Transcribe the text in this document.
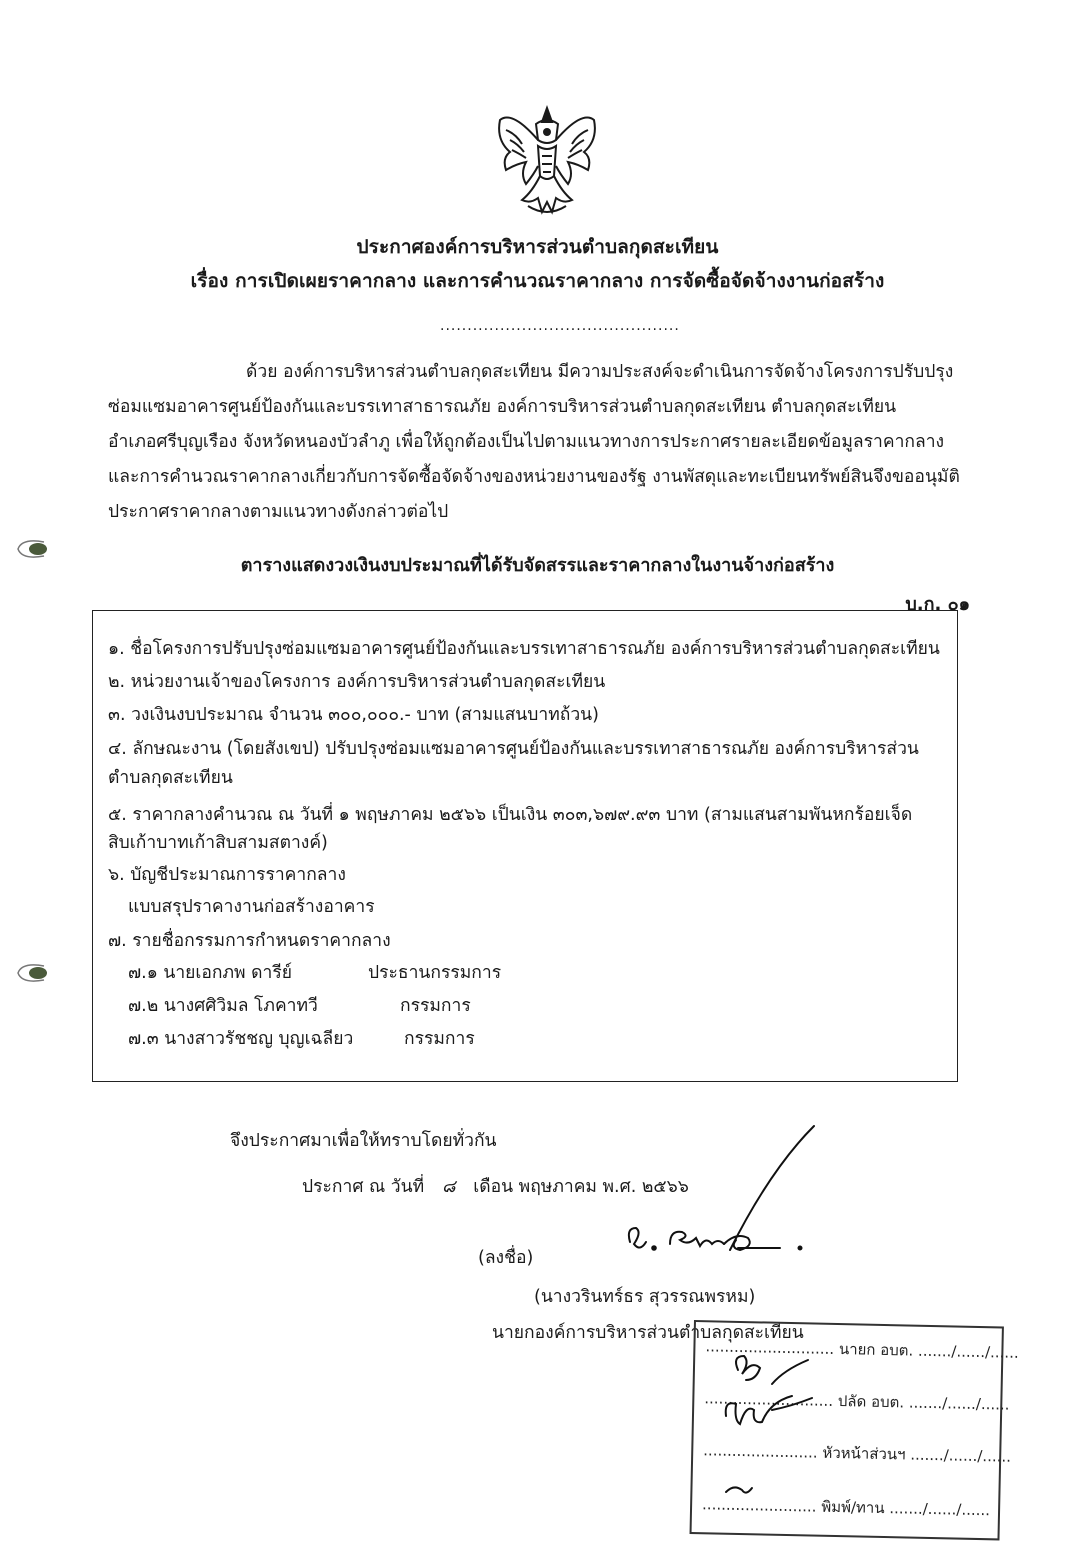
ประกาศองค์การบริหารส่วนตำบลกุดสะเทียน
เรื่อง การเปิดเผยราคากลาง และการคำนวณราคากลาง การจัดซื้อจัดจ้างงานก่อสร้าง
............................................
ด้วย องค์การบริหารส่วนตำบลกุดสะเทียน มีความประสงค์จะดำเนินการจัดจ้างโครงการปรับปรุง
ซ่อมแซมอาคารศูนย์ป้องกันและบรรเทาสาธารณภัย องค์การบริหารส่วนตำบลกุดสะเทียน ตำบลกุดสะเทียน
อำเภอศรีบุญเรือง จังหวัดหนองบัวลำภู เพื่อให้ถูกต้องเป็นไปตามแนวทางการประกาศรายละเอียดข้อมูลราคากลาง
และการคำนวณราคากลางเกี่ยวกับการจัดซื้อจัดจ้างของหน่วยงานของรัฐ งานพัสดุและทะเบียนทรัพย์สินจึงขออนุมัติ
ประกาศราคากลางตามแนวทางดังกล่าวต่อไป
ตารางแสดงวงเงินงบประมาณที่ได้รับจัดสรรและราคากลางในงานจ้างก่อสร้าง
บ.ก. ๐๑
๑. ชื่อโครงการปรับปรุงซ่อมแซมอาคารศูนย์ป้องกันและบรรเทาสาธารณภัย องค์การบริหารส่วนตำบลกุดสะเทียน
๒. หน่วยงานเจ้าของโครงการ องค์การบริหารส่วนตำบลกุดสะเทียน
๓. วงเงินงบประมาณ จำนวน ๓๐๐,๐๐๐.- บาท (สามแสนบาทถ้วน)
๔. ลักษณะงาน (โดยสังเขป) ปรับปรุงซ่อมแซมอาคารศูนย์ป้องกันและบรรเทาสาธารณภัย องค์การบริหารส่วน
ตำบลกุดสะเทียน
๕. ราคากลางคำนวณ ณ วันที่ ๑ พฤษภาคม ๒๕๖๖ เป็นเงิน ๓๐๓,๖๗๙.๙๓ บาท (สามแสนสามพันหกร้อยเจ็ด
สิบเก้าบาทเก้าสิบสามสตางค์)
๖. บัญชีประมาณการราคากลาง
แบบสรุปราคางานก่อสร้างอาคาร
๗. รายชื่อกรรมการกำหนดราคากลาง
๗.๑ นายเอกภพ ดารีย์	ประธานกรรมการ
๗.๒ นางศศิวิมล โภคาทวี	กรรมการ
๗.๓ นางสาวรัชชญ บุญเฉลียว	กรรมการ
จึงประกาศมาเพื่อให้ทราบโดยทั่วกัน
ประกาศ ณ วันที่ ๘ เดือน พฤษภาคม พ.ศ. ๒๕๖๖
(ลงชื่อ)
(นางวรินทร์ธร สุวรรณพรหม)
นายกองค์การบริหารส่วนตำบลกุดสะเทียน
........................... นายก อบต. ......./....../......
........................... ปลัด อบต. ......./....../......
........................ หัวหน้าส่วนฯ ......./....../......
........................ พิมพ์/ทาน ......./....../......
